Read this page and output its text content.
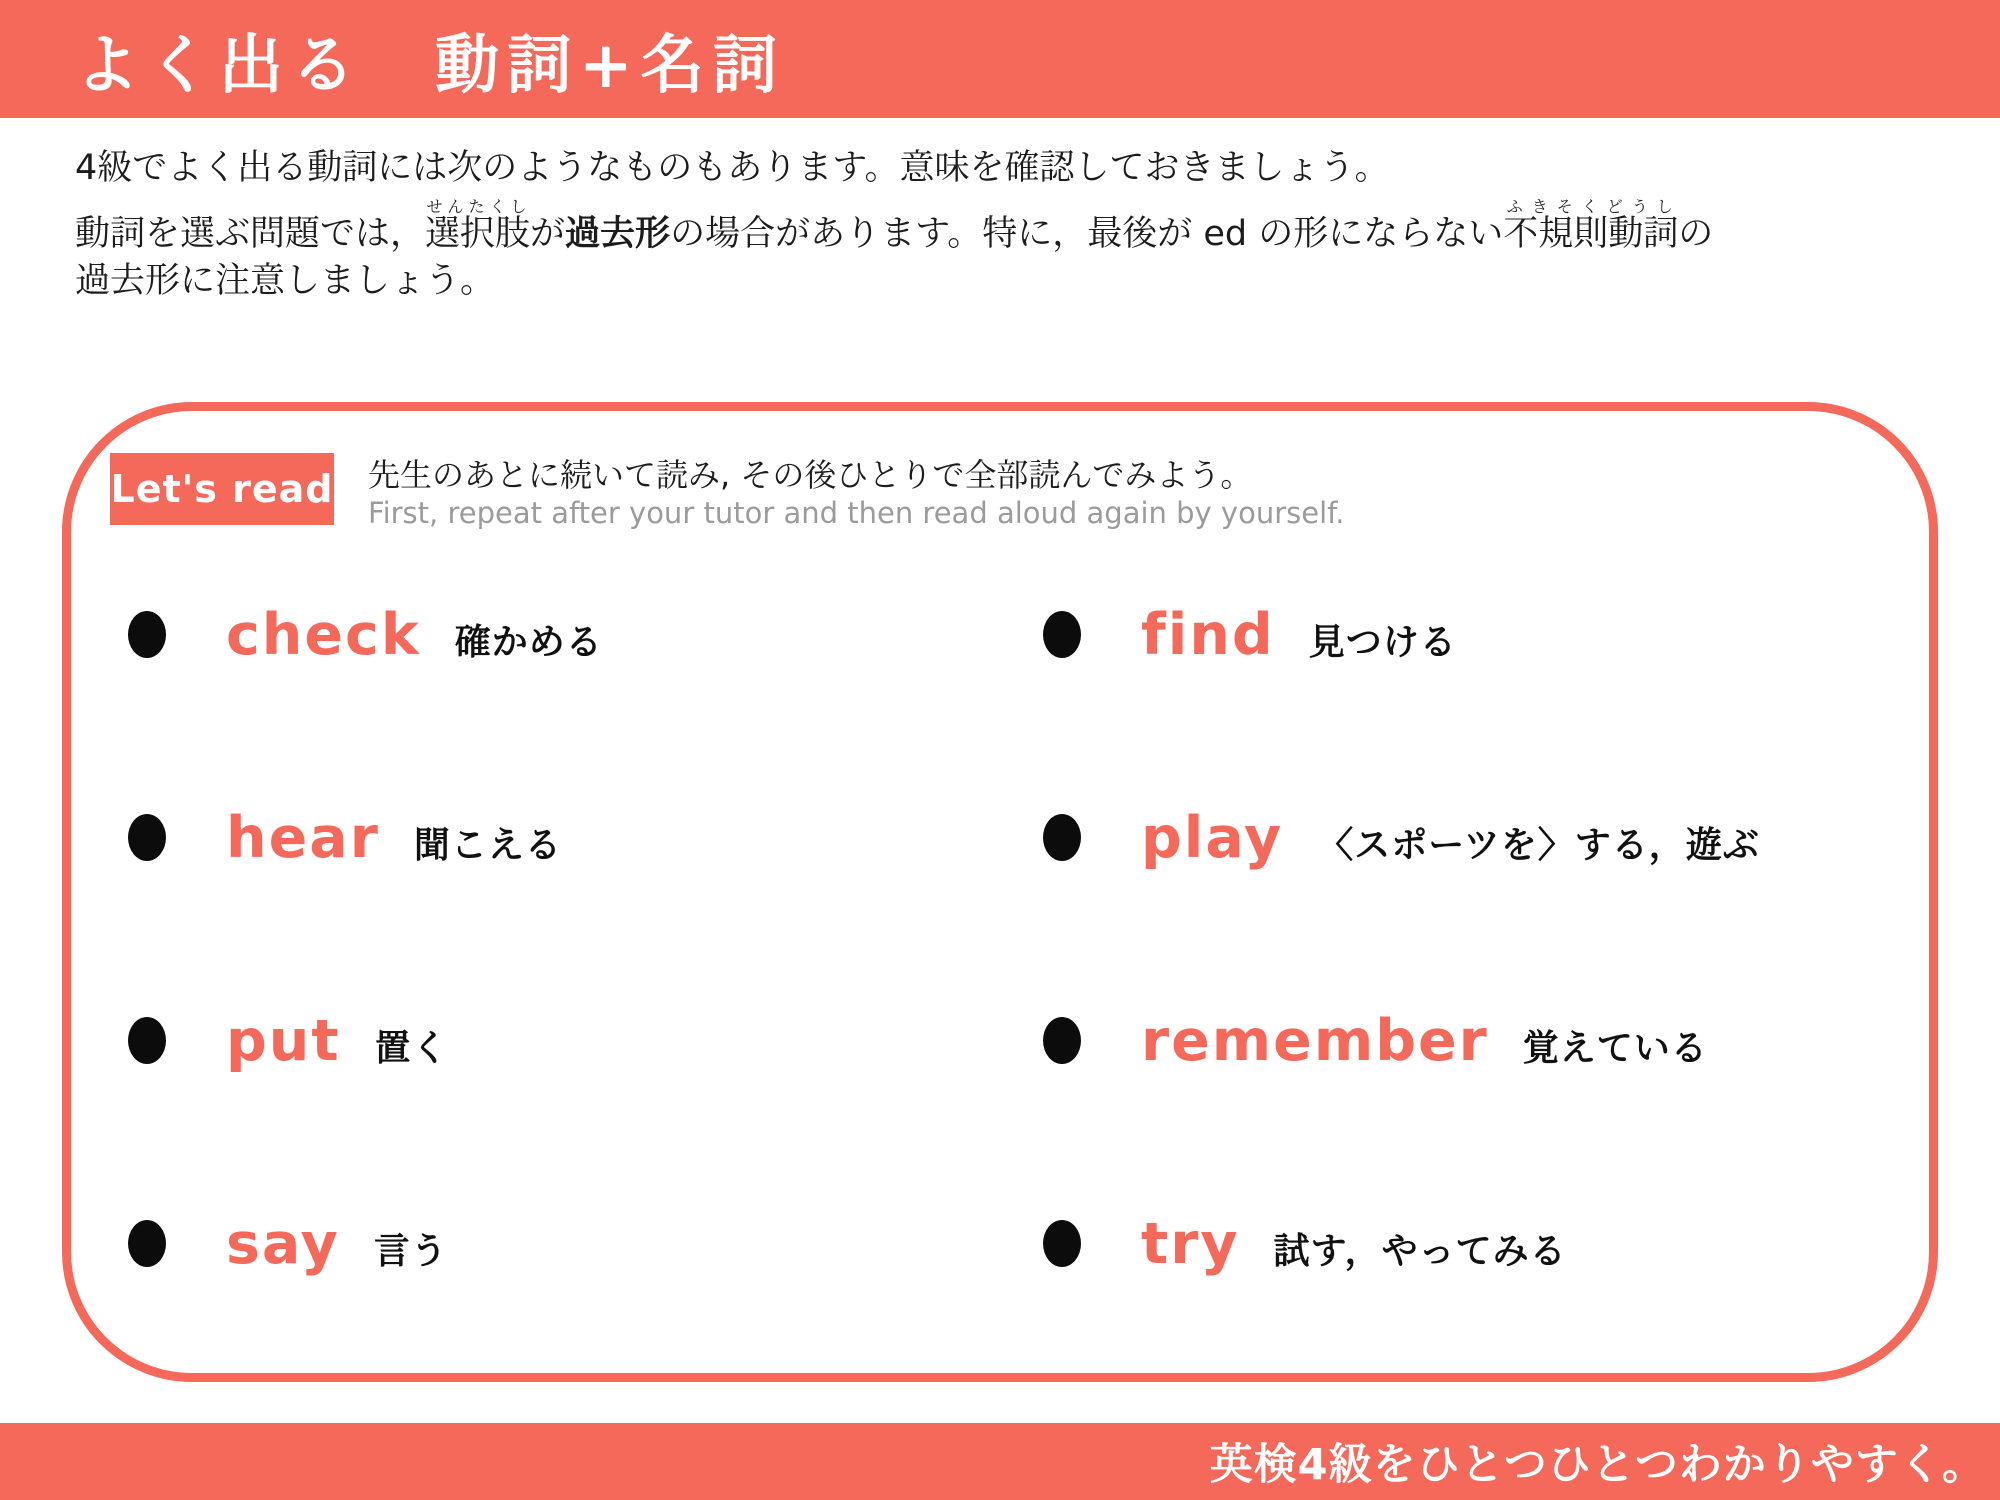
よく出る　動詞+名詞
4級でよく出る動詞には次のようなものもあります。意味を確認しておきましょう。
動詞を選ぶ問題では，選択肢せんたくしが過去形の場合があります。特に，最後が ed の形にならない不規則動詞ふきそくどうしの
過去形に注意しましょう。
Let's read 先生のあとに続いて読み, その後ひとりで全部読んでみよう。
First, repeat after your tutor and then read aloud again by yourself.
check 確かめる	find 見つける
hear 聞こえる	play 〈スポーツを〉する，遊ぶ
put 置く	remember 覚えている
say 言う	try 試す，やってみる
英検4級をひとつひとつわかりやすく。
